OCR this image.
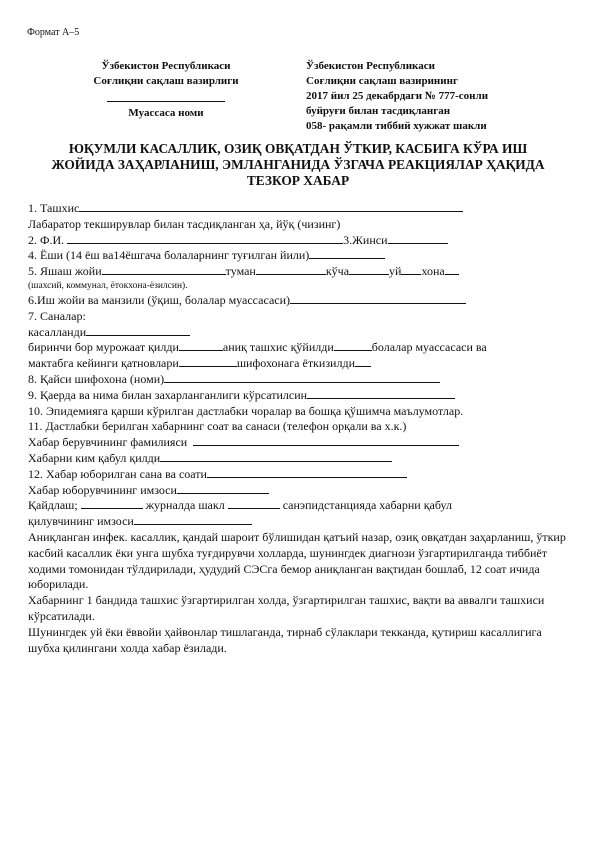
Формат А–5
Ўзбекистон Республикаси
Соғлиқни сақлаш вазирлиги
Муассаса номи
Ўзбекистон Республикаси
Соғлиқни сақлаш вазирининг
2017 йил 25 декабрдаги № 777-сонли
буйруғи билан тасдиқланган
058- рақамли тиббий хужжат шакли
ЮҚУМЛИ КАСАЛЛИК, ОЗИҚ ОВҚАТДАН ЎТКИР, КАСБИГА КЎРА ИШ
ЖОЙИДА ЗАҲАРЛАНИШ, ЭМЛАНГАНИДА ЎЗГАЧА РЕАКЦИЯЛАР ҲАҚИДА
ТЕЗКОР ХАБАР
1. Ташхис
Лабаратор текширувлар билан тасдиқланган ҳа, йўқ (чизинг)
2. Ф.И.	3.Жинси
4. Ёши (14 ёш ва14ёшгача болаларнинг туғилган йили)
5. Яшаш жойи	туман	кўча	уй хона
(шахсий, коммунал, ётокхона-ёзилсин).
6.Иш жойи ва манзили (ўқиш, болалар муассасаси)
7. Саналар:
касалланди
биринчи бор мурожаат қилди	аниқ ташхис қўйилди	болалар муассасаси ва
мактабга кейинги қатновлари	шифохонага ёткизилди
8. Қайси шифохона (номи)
9. Қаерда ва нима билан захарланганлиги кўрсатилсин
10. Эпидемияга қарши кўрилган дастлабки чоралар ва бошқа қўшимча маълумотлар.
11. Дастлабки берилган хабарнинг соат ва санаси (телефон орқали ва х.к.)
Хабар берувчининг фамилияси
Хабарни ким қабул қилди
12. Хабар юборилган сана ва соати
Хабар юборувчининг имзоси
Қайдлаш;	журналда шакл	санэпидстанцияда хабарни қабул
қилувчининг имзоси
Аниқланган инфек. касаллик, қандай шароит бўлишидан қатъий назар, озиқ овқатдан заҳарланиш, ўткир касбий касаллик ёки унга шубха туғдирувчи холларда, шунингдек диагнози ўзгартирилганда тиббиёт ходими томонидан тўлдирилади, ҳудудий СЭСга бемор аниқланган вақтидан бошлаб, 12 соат ичида юборилади.
Хабарнинг 1 бандида ташхис ўзгартирилган холда, ўзгартирилган ташхис, вақти ва аввалги ташхиси кўрсатилади.
Шунингдек уй ёки ёввойи ҳайвонлар тишлаганда, тирнаб сўлаклари текканда, қутириш касаллигига шубха қилингани холда хабар ёзилади.
